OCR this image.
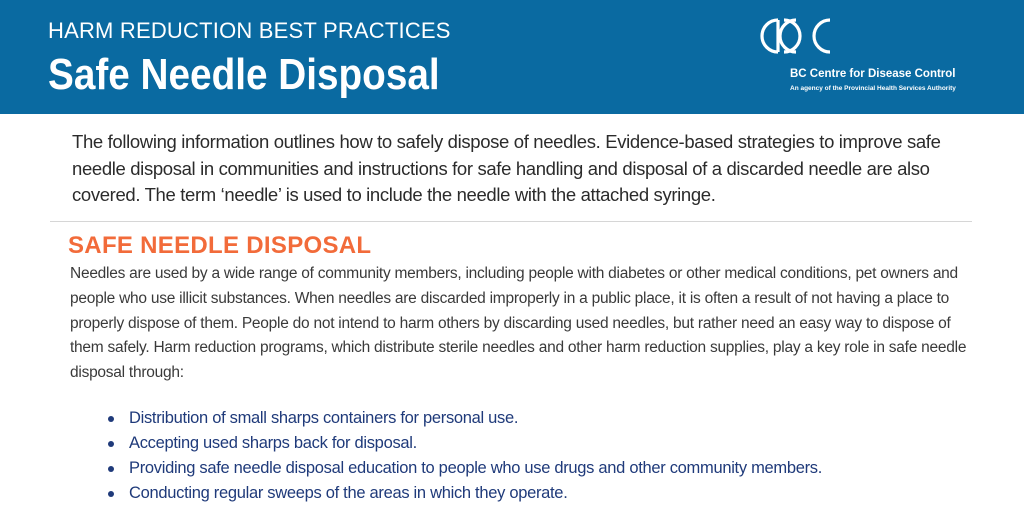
HARM REDUCTION BEST PRACTICES
Safe Needle Disposal	BC Centre for Disease Control
An agency of the Provincial Health Services Authority
The following information outlines how to safely dispose of needles. Evidence-based strategies to improve safe needle disposal in communities and instructions for safe handling and disposal of a discarded needle are also covered. The term ‘needle’ is used to include the needle with the attached syringe.
SAFE NEEDLE DISPOSAL
Needles are used by a wide range of community members, including people with diabetes or other medical conditions, pet owners and people who use illicit substances. When needles are discarded improperly in a public place, it is often a result of not having a place to properly dispose of them. People do not intend to harm others by discarding used needles, but rather need an easy way to dispose of them safely. Harm reduction programs, which distribute sterile needles and other harm reduction supplies, play a key role in safe needle disposal through:
Distribution of small sharps containers for personal use.
Accepting used sharps back for disposal.
Providing safe needle disposal education to people who use drugs and other community members.
Conducting regular sweeps of the areas in which they operate.
